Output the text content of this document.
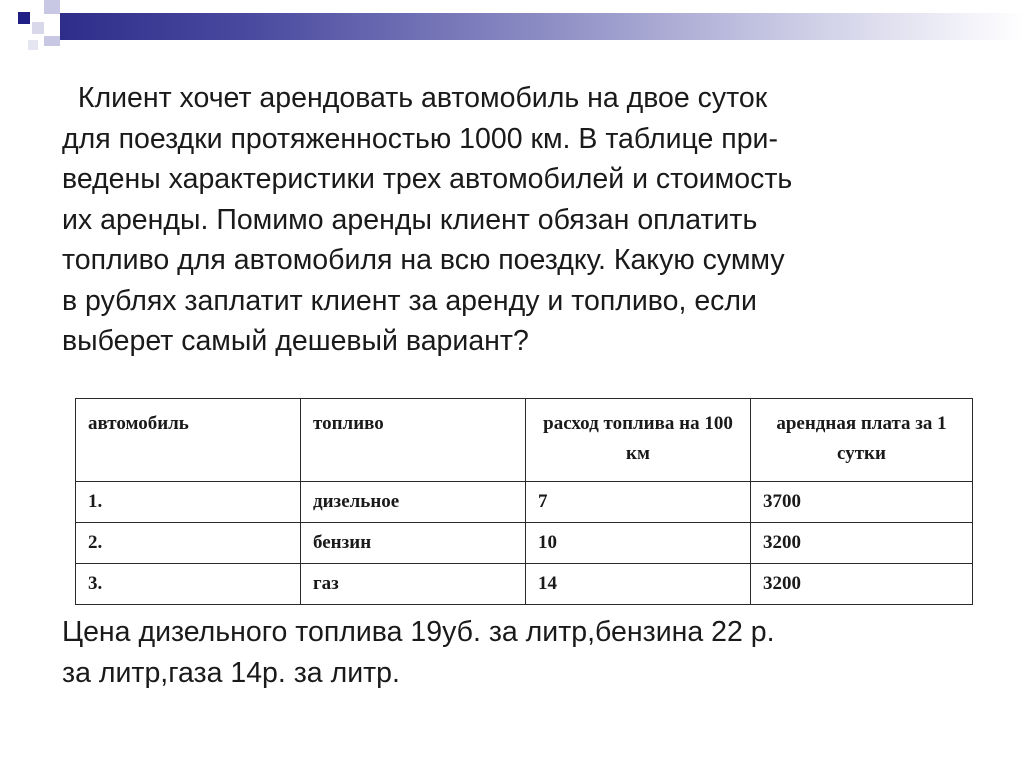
Клиент хочет арендовать автомобиль на двое суток
для поездки протяженностью 1000 км. В таблице при-
ведены характеристики трех автомобилей и стоимость
их аренды. Помимо аренды клиент обязан оплатить
топливо для автомобиля на всю поездку. Какую сумму
в рублях заплатит клиент за аренду и топливо, если
выберет самый дешевый вариант?

автомобиль	топливо	расход топлива на 100 км	арендная плата за 1 сутки
1.	дизельное	7	3700
2.	бензин	10	3200
3.	газ	14	3200

Цена дизельного топлива 19уб. за литр,бензина 22 р.
за литр,газа 14р. за литр.
